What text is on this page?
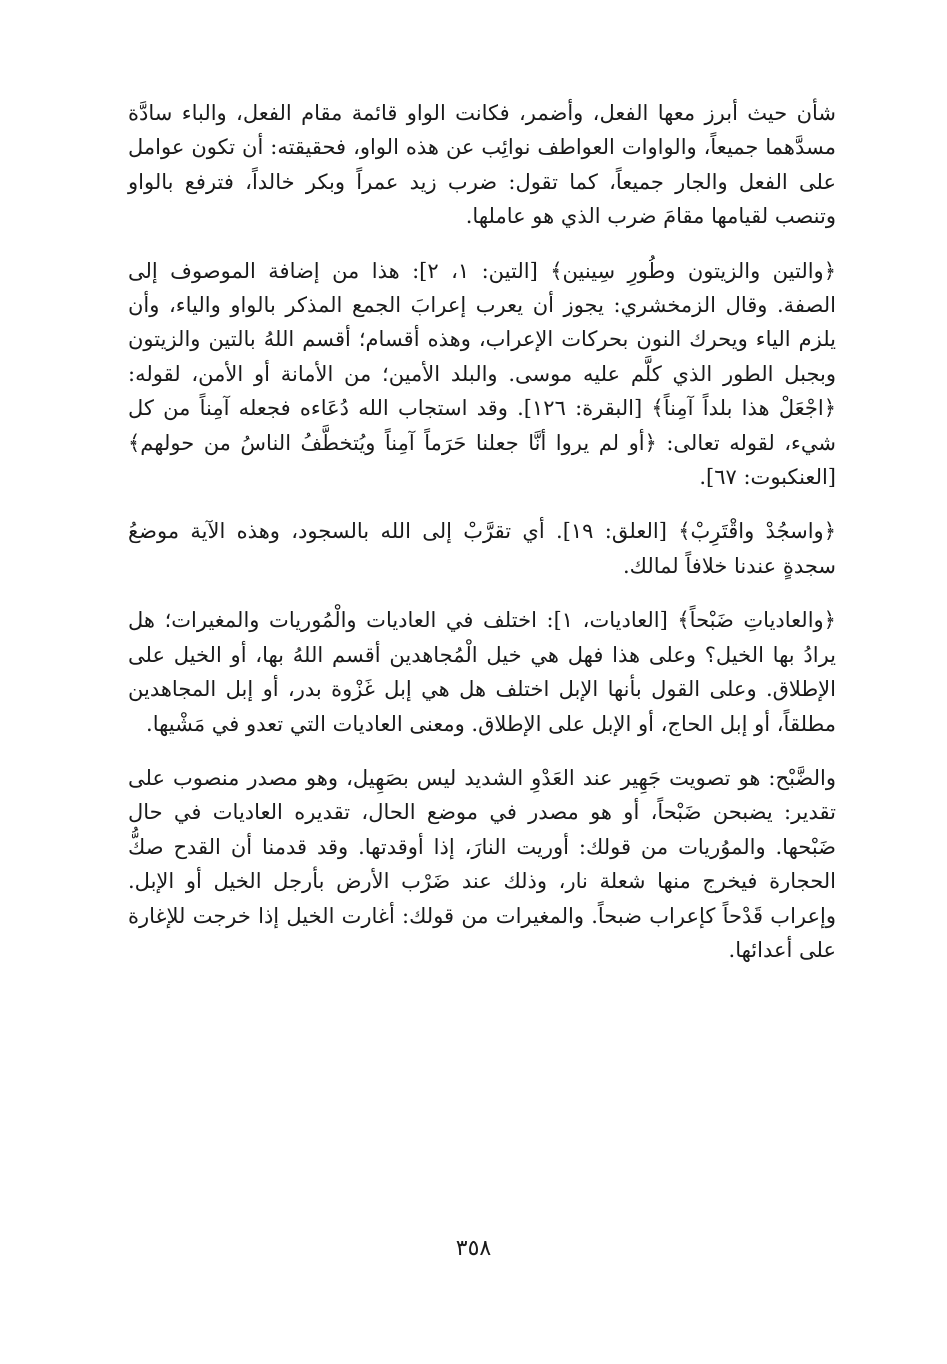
شأن حيث أبرز معها الفعل، وأضمر، فكانت الواو قائمة مقام الفعل، والباء سادَّة مسدَّهما جميعاً، والواوات العواطف نوائِب عن هذه الواو، فحقيقته: أن تكون عوامل على الفعل والجار جميعاً، كما تقول: ضرب زيد عمراً وبكر خالداً، فترفع بالواو وتنصب لقيامها مقامَ ضرب الذي هو عاملها.

﴿والتين والزيتون وطُورِ سِينين﴾ [التين: ١، ٢]: هذا من إضافة الموصوف إلى الصفة. وقال الزمخشري: يجوز أن يعرب إعرابَ الجمع المذكر بالواو والياء، وأن يلزم الياء ويحرك النون بحركات الإعراب، وهذه أقسام؛ أقسم اللهُ بالتين والزيتون وبجبل الطور الذي كلَّم عليه موسى. والبلد الأمين؛ من الأمانة أو الأمن، لقوله: ﴿اجْعَلْ هذا بلداً آمِناً﴾ [البقرة: ١٢٦]. وقد استجاب الله دُعَاءه فجعله آمِناً من كل شيء، لقوله تعالى: ﴿أو لم يروا أنَّا جعلنا حَرَماً آمِناً ويُتخطَّفُ الناسُ من حولهم﴾ [العنكبوت: ٦٧].

﴿واسجُدْ واقْتَرِبْ﴾ [العلق: ١٩]. أي تقرَّبْ إلى الله بالسجود، وهذه الآية موضعُ سجدةٍ عندنا خلافاً لمالك.

﴿والعادياتِ ضَبْحاً﴾ [العاديات، ١]: اختلف في العاديات والْمُوريات والمغيرات؛ هل يرادُ بها الخيل؟ وعلى هذا فهل هي خيل الْمُجاهدين أقسم اللهُ بها، أو الخيل على الإطلاق. وعلى القول بأنها الإبل اختلف هل هي إبل غَزْوة بدر، أو إبل المجاهدين مطلقاً، أو إبل الحاج، أو الإبل على الإطلاق. ومعنى العاديات التي تعدو في مَشْيها.

والضَّبْح: هو تصويت جَهِير عند العَدْوِ الشديد ليس بصَهِيل، وهو مصدر منصوب على تقدير: يضبحن ضَبْحاً، أو هو مصدر في موضع الحال، تقديره العاديات في حال ضَبْحها. والموُريات من قولك: أوريت النارَ، إذا أوقدتها. وقد قدمنا أن القدح صكُّ الحجارة فيخرج منها شعلة نار، وذلك عند ضَرْب الأرض بأرجل الخيل أو الإبل. وإعراب قَدْحاً كإعراب ضبحاً. والمغيرات من قولك: أغارت الخيل إذا خرجت للإغارة على أعدائها.

٣٥٨
